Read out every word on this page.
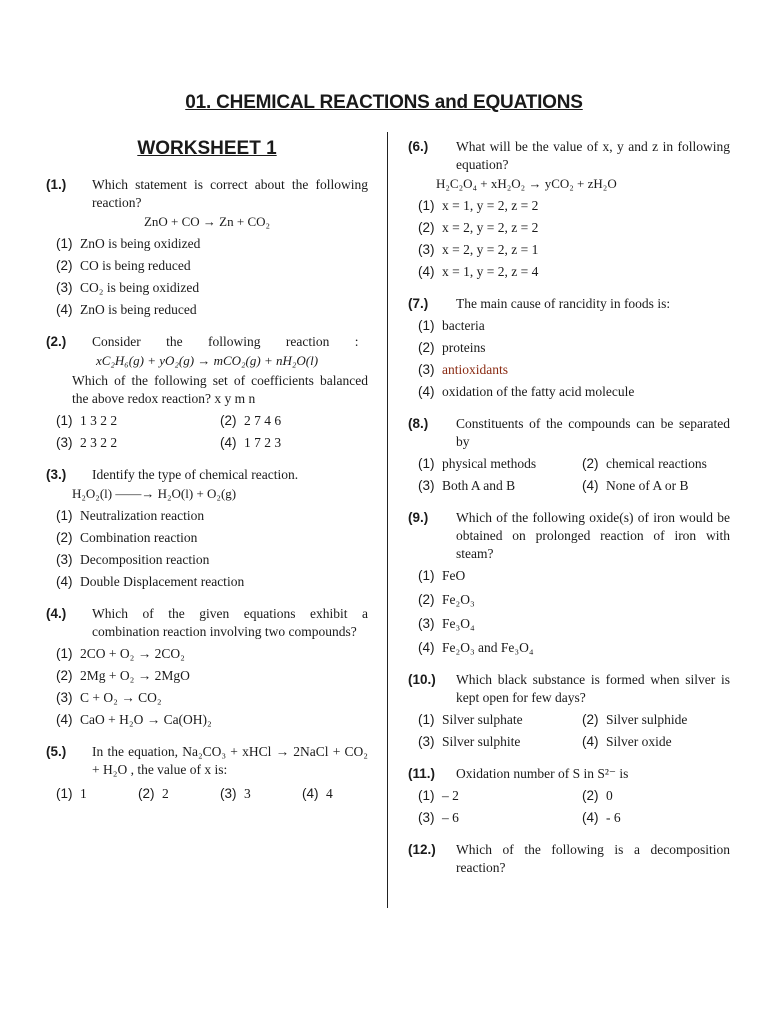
01. CHEMICAL REACTIONS and EQUATIONS
WORKSHEET 1
(1.)	Which statement is correct about the following reaction?
ZnO + CO → Zn + CO₂
(1) ZnO is being oxidized
(2) CO is being reduced
(3) CO₂ is being oxidized
(4) ZnO is being reduced
(2.)	Consider the following reaction :
xC₂H₆(g) + yO₂(g) → mCO₂(g) + nH₂O(l)
Which of the following set of coefficients balanced the above redox reaction? x y m n
(1) 1 3 2 2	(2) 2 7 4 6
(3) 2 3 2 2	(4) 1 7 2 3
(3.)	Identify the type of chemical reaction.
H₂O₂(l) ——→ H₂O(l) + O₂(g)
(1) Neutralization reaction
(2) Combination reaction
(3) Decomposition reaction
(4) Double Displacement reaction
(4.)	Which of the given equations exhibit a combination reaction involving two compounds?
(1) 2CO + O₂ → 2CO₂
(2) 2Mg + O₂ → 2MgO
(3) C + O₂ → CO₂
(4) CaO + H₂O → Ca(OH)₂
(5.)	In the equation, Na₂CO₃ + xHCl → 2NaCl + CO₂ + H₂O , the value of x is:
(1) 1	(2) 2	(3) 3	(4) 4
(6.)	What will be the value of x, y and z in following equation?
H₂C₂O₄ + xH₂O₂ → yCO₂ + zH₂O
(1) x = 1, y = 2, z = 2
(2) x = 2, y = 2, z = 2
(3) x = 2, y = 2, z = 1
(4) x = 1, y = 2, z = 4
(7.)	The main cause of rancidity in foods is:
(1) bacteria
(2) proteins
(3) antioxidants
(4) oxidation of the fatty acid molecule
(8.)	Constituents of the compounds can be separated by
(1) physical methods	(2) chemical reactions
(3) Both A and B	(4) None of A or B
(9.)	Which of the following oxide(s) of iron would be obtained on prolonged reaction of iron with steam?
(1) FeO
(2) Fe₂O₃
(3) Fe₃O₄
(4) Fe₂O₃ and Fe₃O₄
(10.)	Which black substance is formed when silver is kept open for few days?
(1) Silver sulphate	(2) Silver sulphide
(3) Silver sulphite	(4) Silver oxide
(11.)	Oxidation number of S in S²⁻ is
(1) – 2	(2) 0
(3) – 6	(4) - 6
(12.)	Which of the following is a decomposition reaction?
